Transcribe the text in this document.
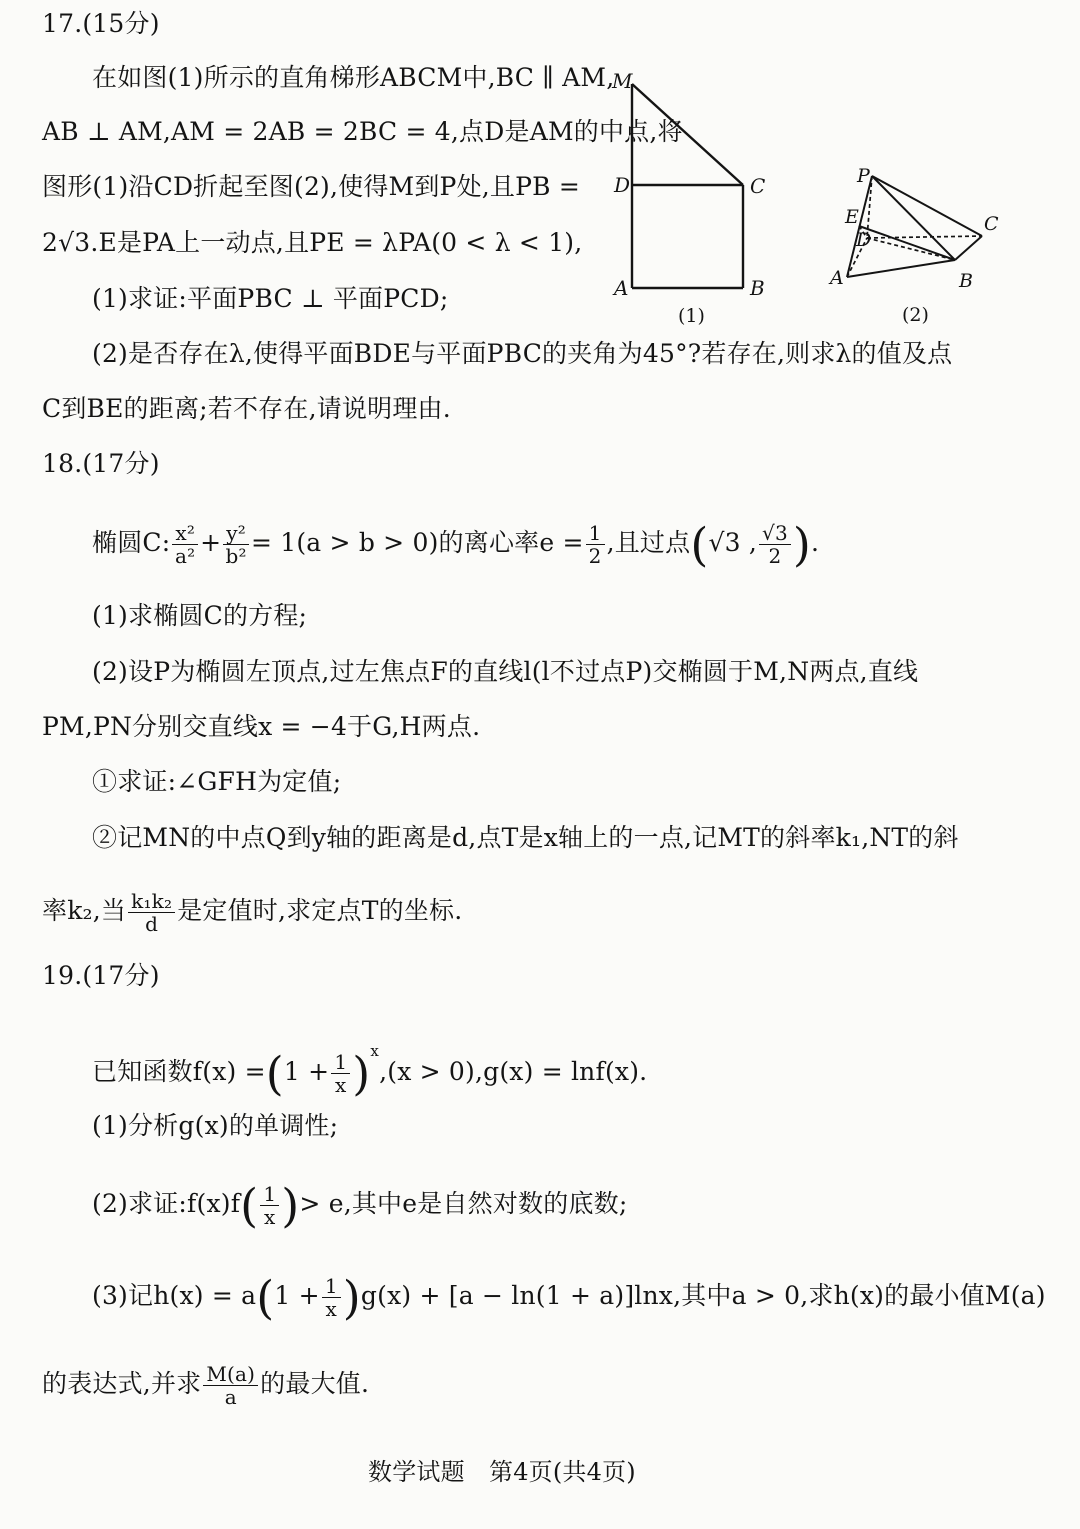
17.(15分)
在如图(1)所示的直角梯形ABCM中,BC ∥ AM,
AB ⊥ AM,AM = 2AB = 2BC = 4,点D是AM的中点,将
图形(1)沿CD折起至图(2),使得M到P处,且PB =
2√3.E是PA上一动点,且PE = λPA(0 < λ < 1),
(1)求证:平面PBC ⊥ 平面PCD;
(2)是否存在λ,使得平面BDE与平面PBC的夹角为45°?若存在,则求λ的值及点
C到BE的距离;若不存在,请说明理由.
M
D	C
A	B
(1)
P
E
D
C
A	B
(2)
18.(17分)
椭圆C: $\frac{\text{x²}}{\text{a²}} + \frac{\text{y²}}{\text{b²}} = 1(a > b > 0)$的离心率$e = \frac{1}{2}$ ,且过点(√3 , $\frac{√3}{2}$ ).
(1)求椭圆C的方程;
(2)设P为椭圆左顶点,过左焦点F的直线l(l不过点P)交椭圆于M,N两点,直线
PM,PN分别交直线x = −4于G,H两点.
①求证:∠GFH为定值;
②记MN的中点Q到y轴的距离是d,点T是x轴上的一点,记MT的斜率k₁,NT的斜
率k₂,当 $\frac{\text{k₁k₂}}{d}$ 是定值时,求定点T的坐标.
19.(17分)
已知函数$f(x) =(1 + \frac{1}{x} )^x,(x > 0),g(x) = \ln f(x)$.
(1)分析g(x)的单调性;
(2)求证:f(x)f( $\frac{1}{x}$ )> e,其中e是自然对数的底数;
(3)记$h(x) = a(1 + \frac{1}{x} )g(x) + [a - \ln(1 + a)]\ln x$,其中a > 0,求h(x)的最小值M(a)
的表达式,并求 $\frac{M(a)}{a}$ 的最大值.
数学试题　第4页(共4页)
